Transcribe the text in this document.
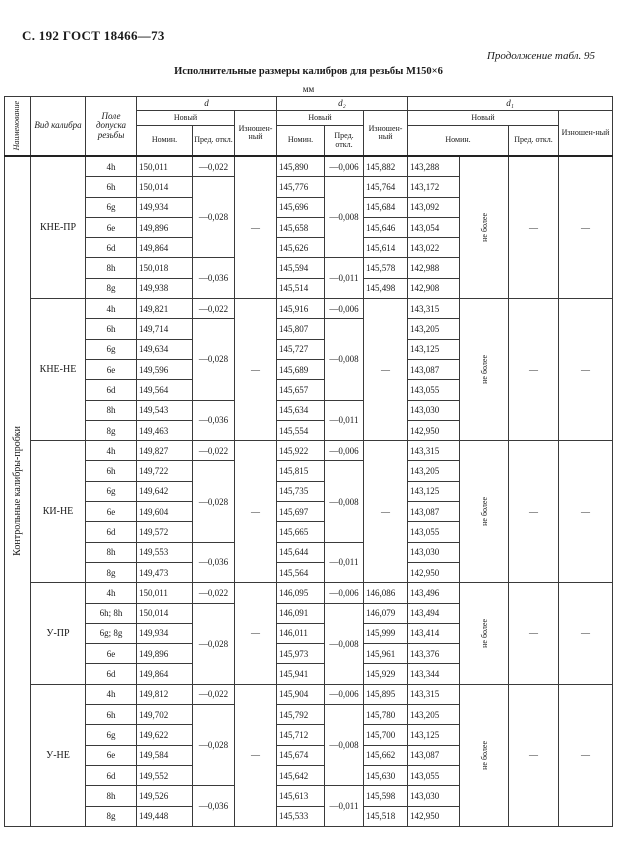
С. 192 ГОСТ 18466—73
Продолжение табл. 95
Исполнительные размеры калибров для резьбы М150×6
мм
Наименование	Вид калибра	Поле допуска резьбы	d			d₂			d₁			
			Новый		Изношен-ный	Новый		Изношен-ный	Новый			Изношен-ный
			Номин.	Пред. откл.		Номин.	Пред. откл.		Номин.		Пред. откл.	

Контрольные калибры-пробки	КНЕ-ПР	4h	150,011	—0,022	—	145,890	—0,006	145,882	143,288	не более	—	—
		6h	150,014	—0,028		145,776	—0,008	145,764	143,172			
		6g	149,934			145,696		145,684	143,092			
		6e	149,896			145,658		145,646	143,054			
		6d	149,864			145,626		145,614	143,022			
		8h	150,018	—0,036		145,594	—0,011	145,578	142,988			
		8g	149,938			145,514		145,498	142,908			
	КНЕ-НЕ	4h	149,821	—0,022	—	145,916	—0,006	—	143,315	не более	—	—
		6h	149,714	—0,028		145,807	—0,008		143,205			
		6g	149,634			145,727			143,125			
		6e	149,596			145,689			143,087			
		6d	149,564			145,657			143,055			
		8h	149,543	—0,036		145,634	—0,011		143,030			
		8g	149,463			145,554			142,950			
	КИ-НЕ	4h	149,827	—0,022	—	145,922	—0,006	—	143,315	не более	—	—
		6h	149,722	—0,028		145,815	—0,008		143,205			
		6g	149,642			145,735			143,125			
		6e	149,604			145,697			143,087			
		6d	149,572			145,665			143,055			
		8h	149,553	—0,036		145,644	—0,011		143,030			
		8g	149,473			145,564			142,950			
	У-ПР	4h	150,011	—0,022	—	146,095	—0,006	146,086	143,496	не более	—	—
		6h; 8h	150,014	—0,028		146,091	—0,008	146,079	143,494			
		6g; 8g	149,934			146,011		145,999	143,414			
		6e	149,896			145,973		145,961	143,376			
		6d	149,864			145,941		145,929	143,344			
	У-НЕ	4h	149,812	—0,022	—	145,904	—0,006	145,895	143,315	не более	—	—
		6h	149,702	—0,028		145,792	—0,008	145,780	143,205			
		6g	149,622			145,712		145,700	143,125			
		6e	149,584			145,674		145,662	143,087			
		6d	149,552			145,642		145,630	143,055			
		8h	149,526	—0,036		145,613	—0,011	145,598	143,030			
		8g	149,448			145,533		145,518	142,950			
